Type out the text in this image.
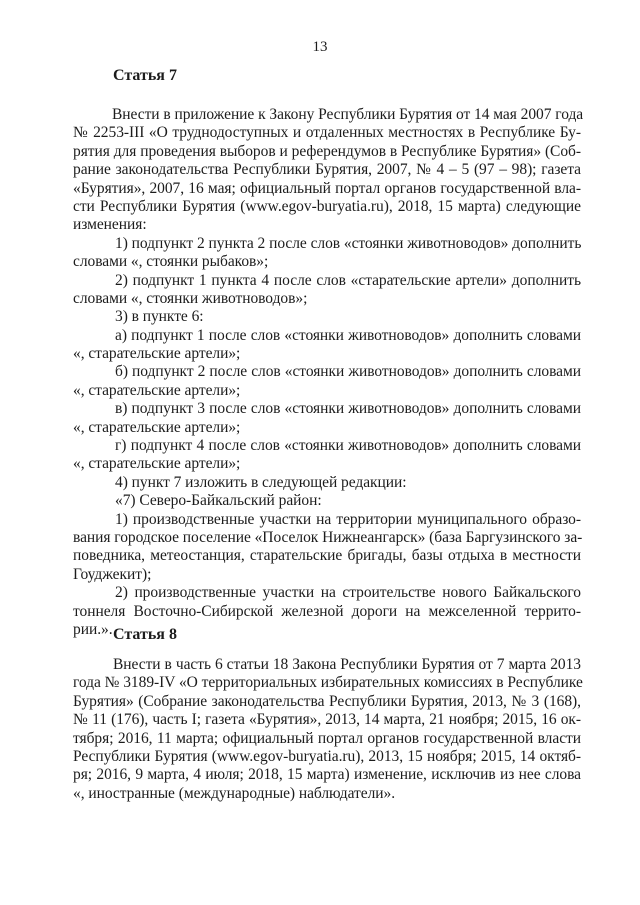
13
Статья 7
Внести в приложение к Закону Республики Бурятия от 14 мая 2007 года
№ 2253-III «О труднодоступных и отдаленных местностях в Республике Бу-
рятия для проведения выборов и референдумов в Республике Бурятия» (Соб-
рание законодательства Республики Бурятия, 2007, № 4 – 5 (97 – 98); газета
«Бурятия», 2007, 16 мая; официальный портал органов государственной вла-
сти Республики Бурятия (www.egov-buryatia.ru), 2018, 15 марта) следующие
изменения:
1) подпункт 2 пункта 2 после слов «стоянки животноводов» дополнить
словами «, стоянки рыбаков»;
2) подпункт 1 пункта 4 после слов «старательские артели» дополнить
словами «, стоянки животноводов»;
3) в пункте 6:
а) подпункт 1 после слов «стоянки животноводов» дополнить словами
«, старательские артели»;
б) подпункт 2 после слов «стоянки животноводов» дополнить словами
«, старательские артели»;
в) подпункт 3 после слов «стоянки животноводов» дополнить словами
«, старательские артели»;
г) подпункт 4 после слов «стоянки животноводов» дополнить словами
«, старательские артели»;
4) пункт 7 изложить в следующей редакции:
«7) Северо-Байкальский район:
1) производственные участки на территории муниципального образо-
вания городское поселение «Поселок Нижнеангарск» (база Баргузинского за-
поведника, метеостанция, старательские бригады, базы отдыха в местности
Гоуджекит);
2) производственные участки на строительстве нового Байкальского
тоннеля Восточно-Сибирской железной дороги на межселенной террито-
рии.». Статья 8
Внести в часть 6 статьи 18 Закона Республики Бурятия от 7 марта 2013
года № 3189-IV «О территориальных избирательных комиссиях в Республике
Бурятия» (Собрание законодательства Республики Бурятия, 2013, № 3 (168),
№ 11 (176), часть I; газета «Бурятия», 2013, 14 марта, 21 ноября; 2015, 16 ок-
тября; 2016, 11 марта; официальный портал органов государственной власти
Республики Бурятия (www.egov-buryatia.ru), 2013, 15 ноября; 2015, 14 октяб-
ря; 2016, 9 марта, 4 июля; 2018, 15 марта) изменение, исключив из нее слова
«, иностранные (международные) наблюдатели».
